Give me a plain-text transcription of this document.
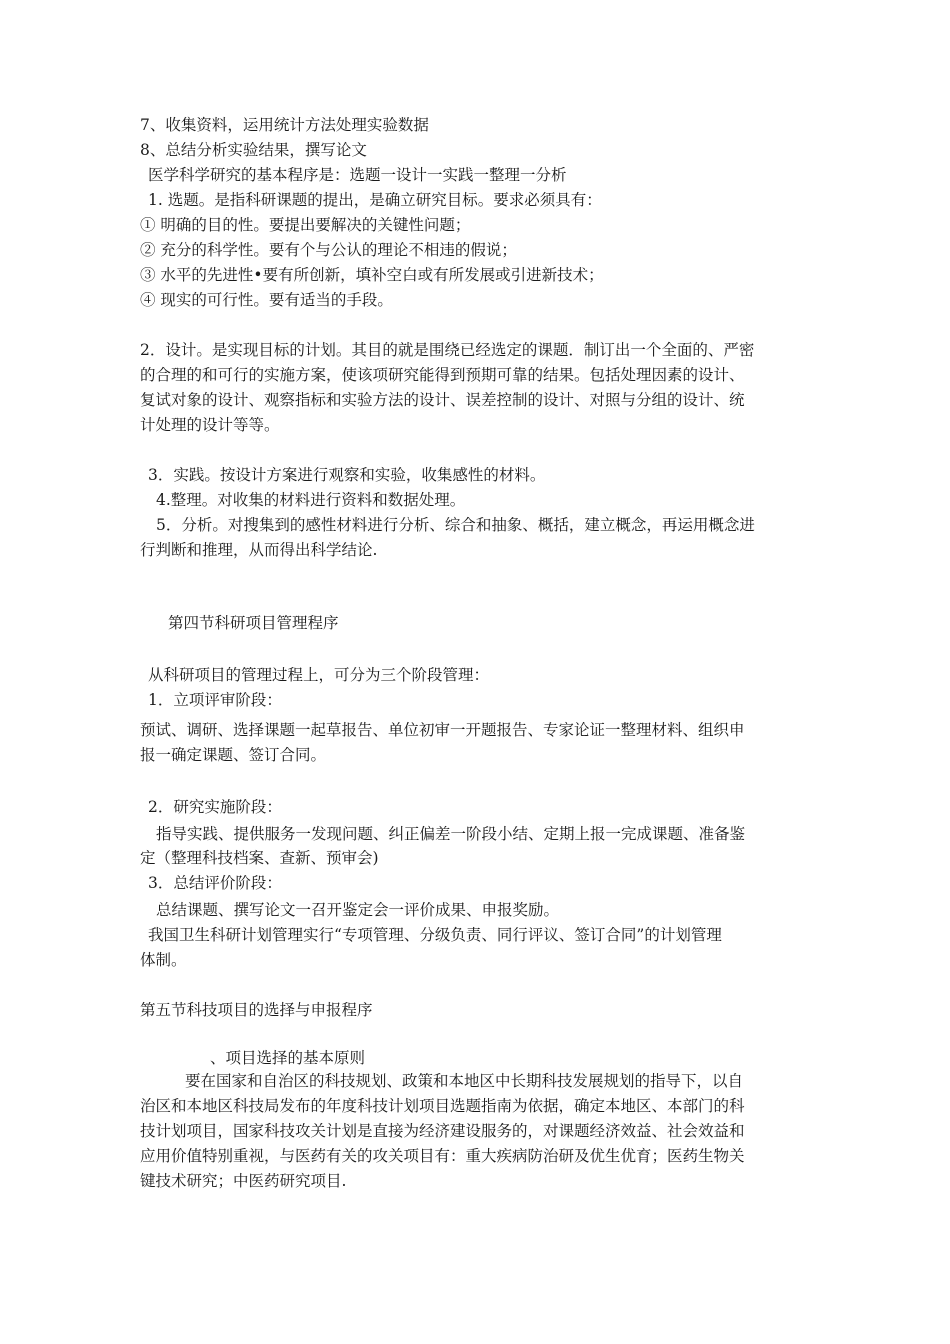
7、收集资料，运用统计方法处理实验数据
8、总结分析实验结果，撰写论文
医学科学研究的基本程序是：选题一设计一实践一整理一分析
1. 选题。是指科研课题的提出，是确立研究目标。要求必须具有：
① 明确的目的性。要提出要解决的关键性问题；
② 充分的科学性。要有个与公认的理论不相违的假说；
③ 水平的先进性•要有所创新，填补空白或有所发展或引进新技术；
④ 现实的可行性。要有适当的手段。
2．设计。是实现目标的计划。其目的就是围绕已经选定的课题．制订出一个全面的、严密
的合理的和可行的实施方案，使该项研究能得到预期可靠的结果。包括处理因素的设计、
复试对象的设计、观察指标和实验方法的设计、误差控制的设计、对照与分组的设计、统
计处理的设计等等。
3．实践。按设计方案进行观察和实验，收集感性的材料。
4.整理。对收集的材料进行资料和数据处理。
5．分析。对搜集到的感性材料进行分析、综合和抽象、概括，建立概念，再运用概念进
行判断和推理，从而得出科学结论.
第四节科研项目管理程序
从科研项目的管理过程上，可分为三个阶段管理：
1．立项评审阶段：
预试、调研、选择课题一起草报告、单位初审一开题报告、专家论证一整理材料、组织申
报一确定课题、签订合同。
2．研究实施阶段：
指导实践、提供服务一发现问题、纠正偏差一阶段小结、定期上报一完成课题、准备鉴
定（整理科技档案、查新、预审会)
3．总结评价阶段：
总结课题、撰写论文一召开鉴定会一评价成果、申报奖励。
我国卫生科研计划管理实行“专项管理、分级负责、同行评议、签订合同”的计划管理
体制。
第五节科技项目的选择与申报程序
、项目选择的基本原则
要在国家和自治区的科技规划、政策和本地区中长期科技发展规划的指导下，以自
治区和本地区科技局发布的年度科技计划项目选题指南为依据，确定本地区、本部门的科
技计划项目，国家科技攻关计划是直接为经济建设服务的，对课题经济效益、社会效益和
应用价值特别重视，与医药有关的攻关项目有：重大疾病防治研及优生优育；医药生物关
键技术研究；中医药研究项目.
